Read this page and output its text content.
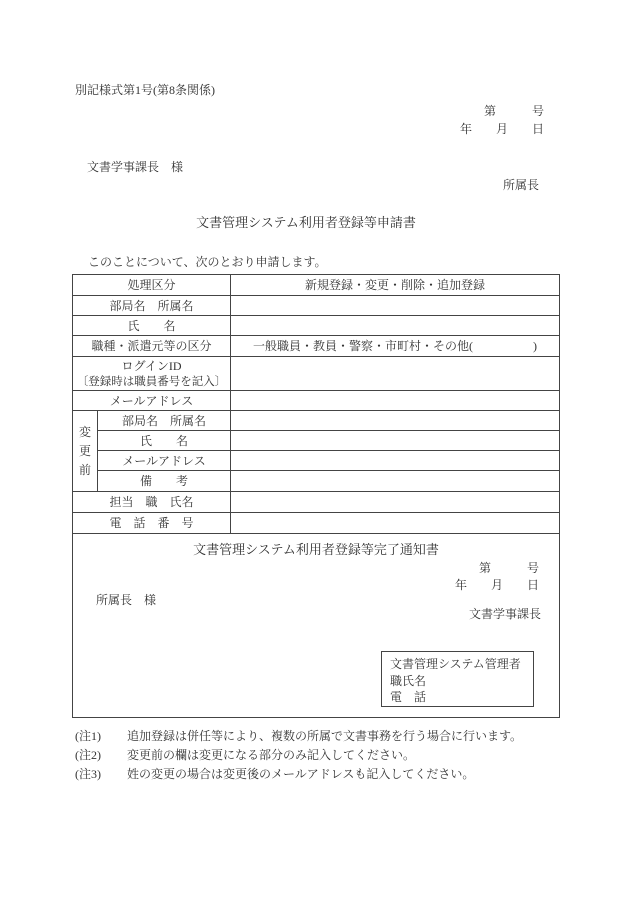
別記様式第1号(第8条関係)
第　　　号
年　　月　　日
文書学事課長　様
所属長
文書管理システム利用者登録等申請書
このことについて、次のとおり申請します。
処理区分		新規登録・変更・削除・追加登録
部局名　所属名		
氏　　名		
職種・派遣元等の区分		一般職員・教員・警察・市町村・その他(　　　　　)

ログインID
〔登録時は職員番号を記入〕		

メールアドレス		
変更前	部局名　所属名	
	氏　　名	
	メールアドレス	
	備　　考	
担当　職　氏名		
電　話　番　号		

文書管理システム利用者登録等完了通知書
第　　　号
年　　月　　日
所属長　様
文書学事課長
文書管理システム管理者
職氏名
電　話
(注1)	追加登録は併任等により、複数の所属で文書事務を行う場合に行います。
(注2)	変更前の欄は変更になる部分のみ記入してください。
(注3)	姓の変更の場合は変更後のメールアドレスも記入してください。
